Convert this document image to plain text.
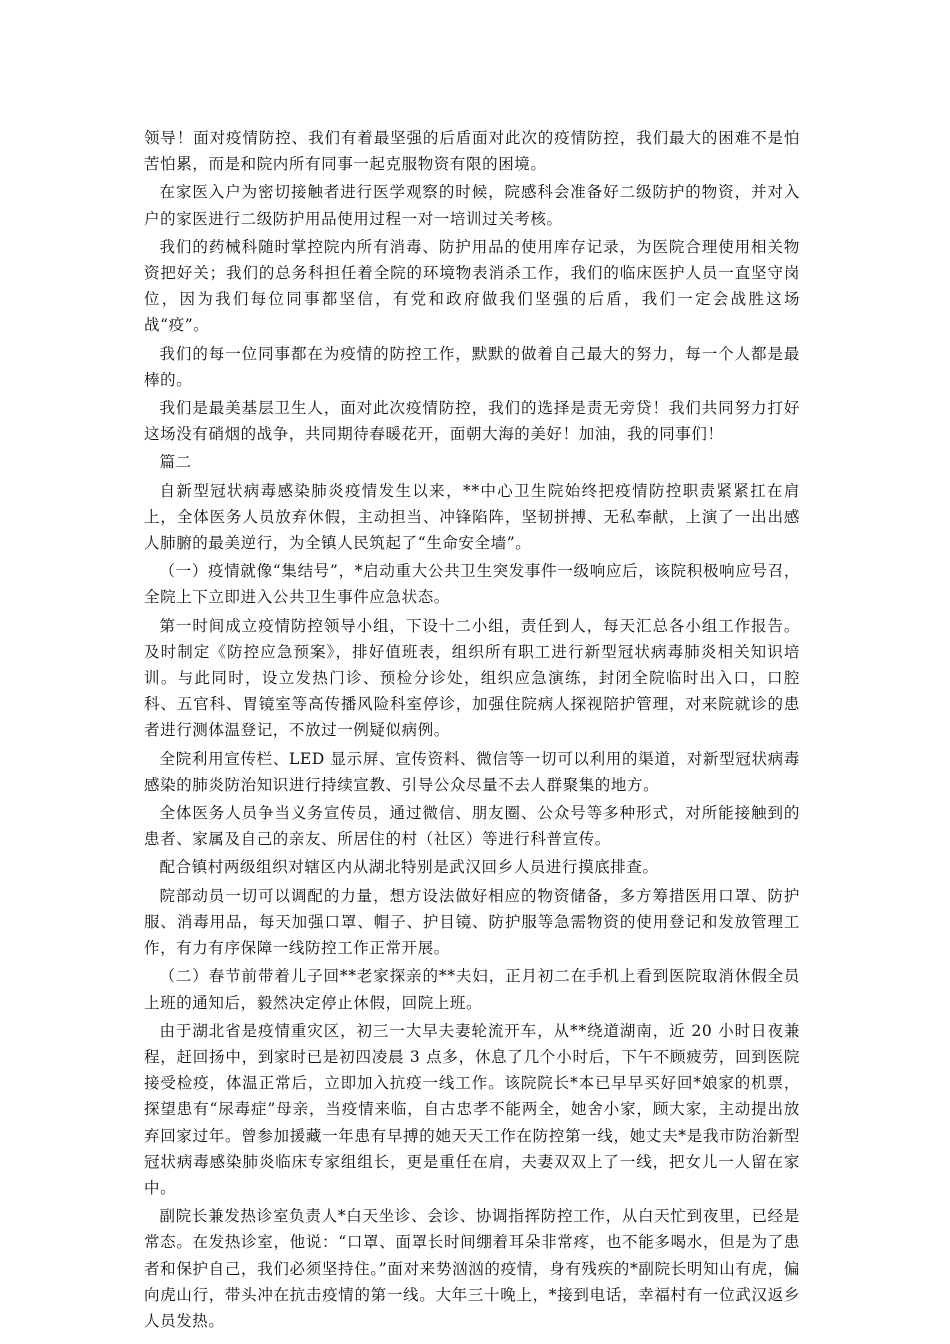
领导！面对疫情防控、我们有着最坚强的后盾面对此次的疫情防控，我们最大的困难不是怕苦怕累，而是和院内所有同事一起克服物资有限的困境。

在家医入户为密切接触者进行医学观察的时候，院感科会准备好二级防护的物资，并对入户的家医进行二级防护用品使用过程一对一培训过关考核。

我们的药械科随时掌控院内所有消毒、防护用品的使用库存记录，为医院合理使用相关物资把好关；我们的总务科担任着全院的环境物表消杀工作，我们的临床医护人员一直坚守岗位，因为我们每位同事都坚信，有党和政府做我们坚强的后盾，我们一定会战胜这场战“疫”。

我们的每一位同事都在为疫情的防控工作，默默的做着自己最大的努力，每一个人都是最棒的。

我们是最美基层卫生人，面对此次疫情防控，我们的选择是责无旁贷！我们共同努力打好这场没有硝烟的战争，共同期待春暖花开，面朝大海的美好！加油，我的同事们！

篇二

自新型冠状病毒感染肺炎疫情发生以来，**中心卫生院始终把疫情防控职责紧紧扛在肩上，全体医务人员放弃休假，主动担当、冲锋陷阵，坚韧拼搏、无私奉献，上演了一出出感人肺腑的最美逆行，为全镇人民筑起了“生命安全墙”。

（一）疫情就像“集结号”，*启动重大公共卫生突发事件一级响应后，该院积极响应号召，全院上下立即进入公共卫生事件应急状态。

第一时间成立疫情防控领导小组，下设十二小组，责任到人，每天汇总各小组工作报告。及时制定《防控应急预案》，排好值班表，组织所有职工进行新型冠状病毒肺炎相关知识培训。与此同时，设立发热门诊、预检分诊处，组织应急演练，封闭全院临时出入口，口腔科、五官科、胃镜室等高传播风险科室停诊，加强住院病人探视陪护管理，对来院就诊的患者进行测体温登记，不放过一例疑似病例。

全院利用宣传栏、LED 显示屏、宣传资料、微信等一切可以利用的渠道，对新型冠状病毒感染的肺炎防治知识进行持续宣教、引导公众尽量不去人群聚集的地方。

全体医务人员争当义务宣传员，通过微信、朋友圈、公众号等多种形式，对所能接触到的患者、家属及自己的亲友、所居住的村（社区）等进行科普宣传。

配合镇村两级组织对辖区内从湖北特别是武汉回乡人员进行摸底排查。

院部动员一切可以调配的力量，想方设法做好相应的物资储备，多方筹措医用口罩、防护服、消毒用品，每天加强口罩、帽子、护目镜、防护服等急需物资的使用登记和发放管理工作，有力有序保障一线防控工作正常开展。

（二）春节前带着儿子回**老家探亲的**夫妇，正月初二在手机上看到医院取消休假全员上班的通知后，毅然决定停止休假，回院上班。

由于湖北省是疫情重灾区，初三一大早夫妻轮流开车，从**绕道湖南，近 20 小时日夜兼程，赶回扬中，到家时已是初四凌晨 3 点多，休息了几个小时后，下午不顾疲劳，回到医院接受检疫，体温正常后，立即加入抗疫一线工作。该院院长*本已早早买好回*娘家的机票，探望患有“尿毒症”母亲，当疫情来临，自古忠孝不能两全，她舍小家，顾大家，主动提出放弃回家过年。曾参加援藏一年患有早搏的她天天工作在防控第一线，她丈夫*是我市防治新型冠状病毒感染肺炎临床专家组组长，更是重任在肩，夫妻双双上了一线，把女儿一人留在家中。

副院长兼发热诊室负责人*白天坐诊、会诊、协调指挥防控工作，从白天忙到夜里，已经是常态。在发热诊室，他说：“口罩、面罩长时间绷着耳朵非常疼，也不能多喝水，但是为了患者和保护自己，我们必须坚持住。”面对来势汹汹的疫情，身有残疾的*副院长明知山有虎，偏向虎山行，带头冲在抗击疫情的第一线。大年三十晚上，*接到电话，幸福村有一位武汉返乡人员发热。
